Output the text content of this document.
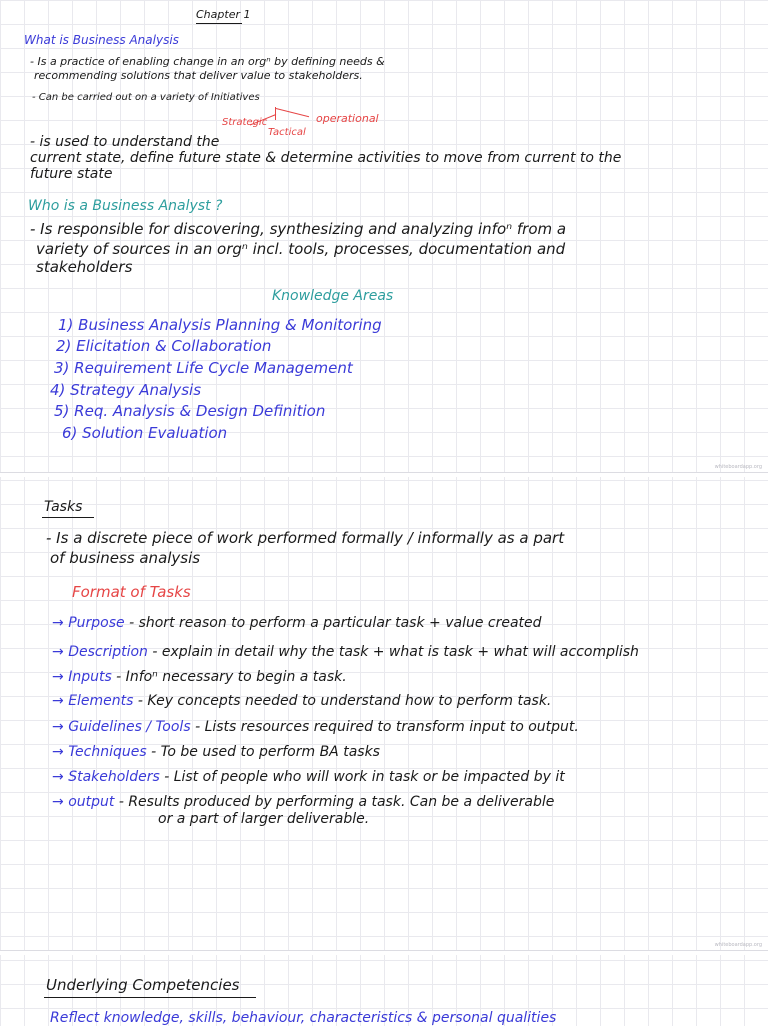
Chapter 1
What is Business Analysis
- Is a practice of enabling change in an orgⁿ by defining needs &
recommending solutions that deliver value to stakeholders.
- Can be carried out on a variety of Initiatives
Strategic
Tactical
operational
- is used to understand the
current state, define future state & determine activities to move from current to the
future state
Who is a Business Analyst ?
- Is responsible for discovering, synthesizing and analyzing infoⁿ from a
variety of sources in an orgⁿ incl. tools, processes, documentation and
stakeholders
Knowledge Areas
1) Business Analysis Planning & Monitoring
2) Elicitation & Collaboration
3) Requirement Life Cycle Management
4) Strategy Analysis
5) Req. Analysis & Design Definition
6) Solution Evaluation
whiteboardapp.org
Tasks
- Is a discrete piece of work performed formally / informally as a part
of business analysis
Format of Tasks
→ Purpose - short reason to perform a particular task + value created
→ Description - explain in detail why the task + what is task + what will accomplish
→ Inputs - Infoⁿ necessary to begin a task.
→ Elements - Key concepts needed to understand how to perform task.
→ Guidelines / Tools - Lists resources required to transform input to output.
→ Techniques - To be used to perform BA tasks
→ Stakeholders - List of people who will work in task or be impacted by it
→ output - Results produced by performing a task. Can be a deliverable
or a part of larger deliverable.
whiteboardapp.org
Underlying Competencies
Reflect knowledge, skills, behaviour, characteristics & personal qualities
